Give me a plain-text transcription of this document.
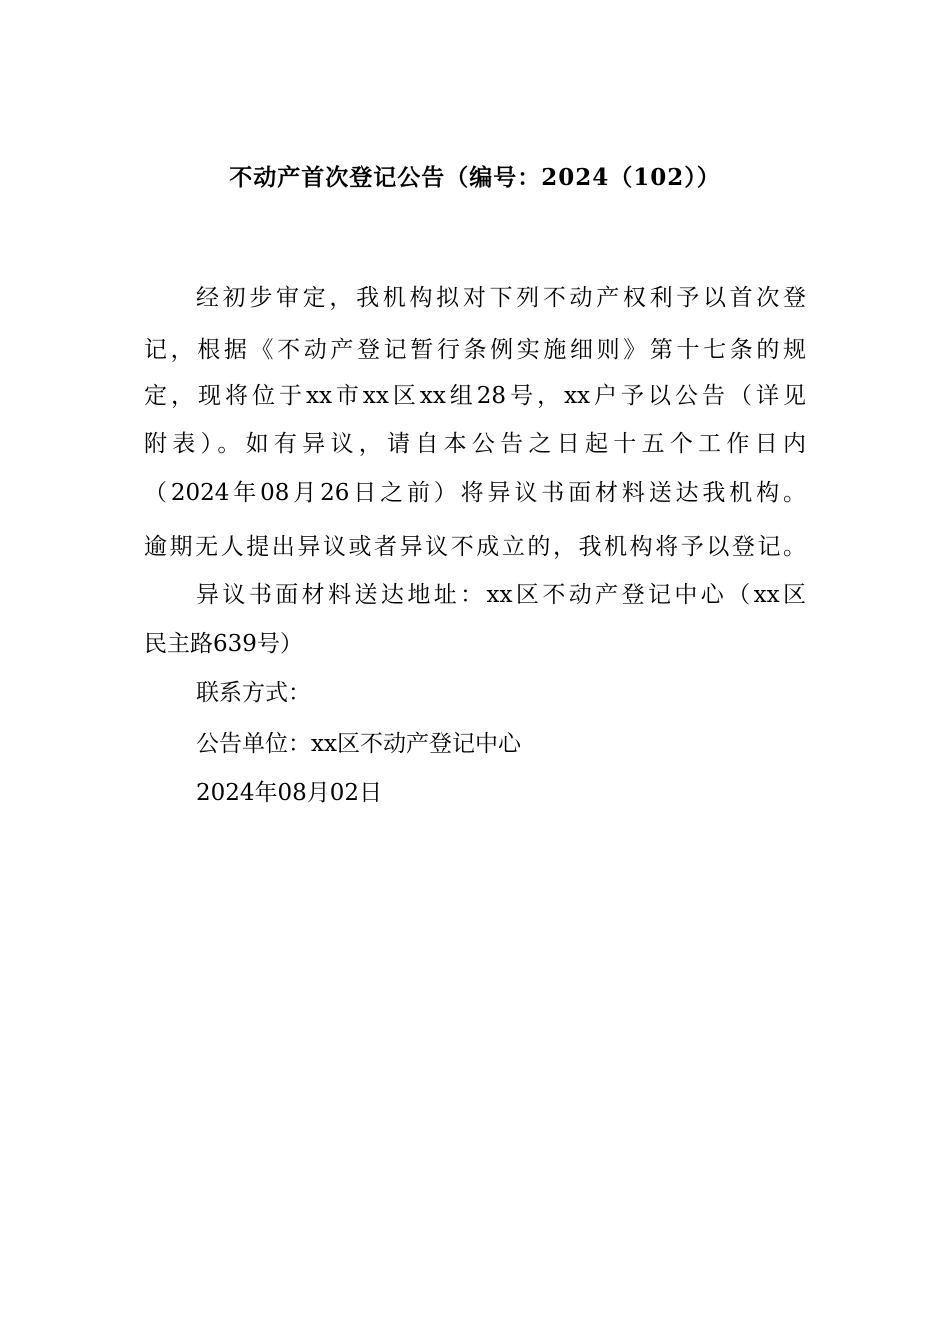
不动产首次登记公告（编号：2024（102））
经初步审定，我机构拟对下列不动产权利予以首次登
记，根据《不动产登记暂行条例实施细则》第十七条的规
定，现将位于xx市xx区xx组28号，xx户予以公告（详见
附表）。如有异议，请自本公告之日起十五个工作日内
（2024年08月26日之前）将异议书面材料送达我机构。
逾期无人提出异议或者异议不成立的，我机构将予以登记。
异议书面材料送达地址：xx区不动产登记中心（xx区
民主路639号）
联系方式：
公告单位：xx区不动产登记中心
2024年08月02日
